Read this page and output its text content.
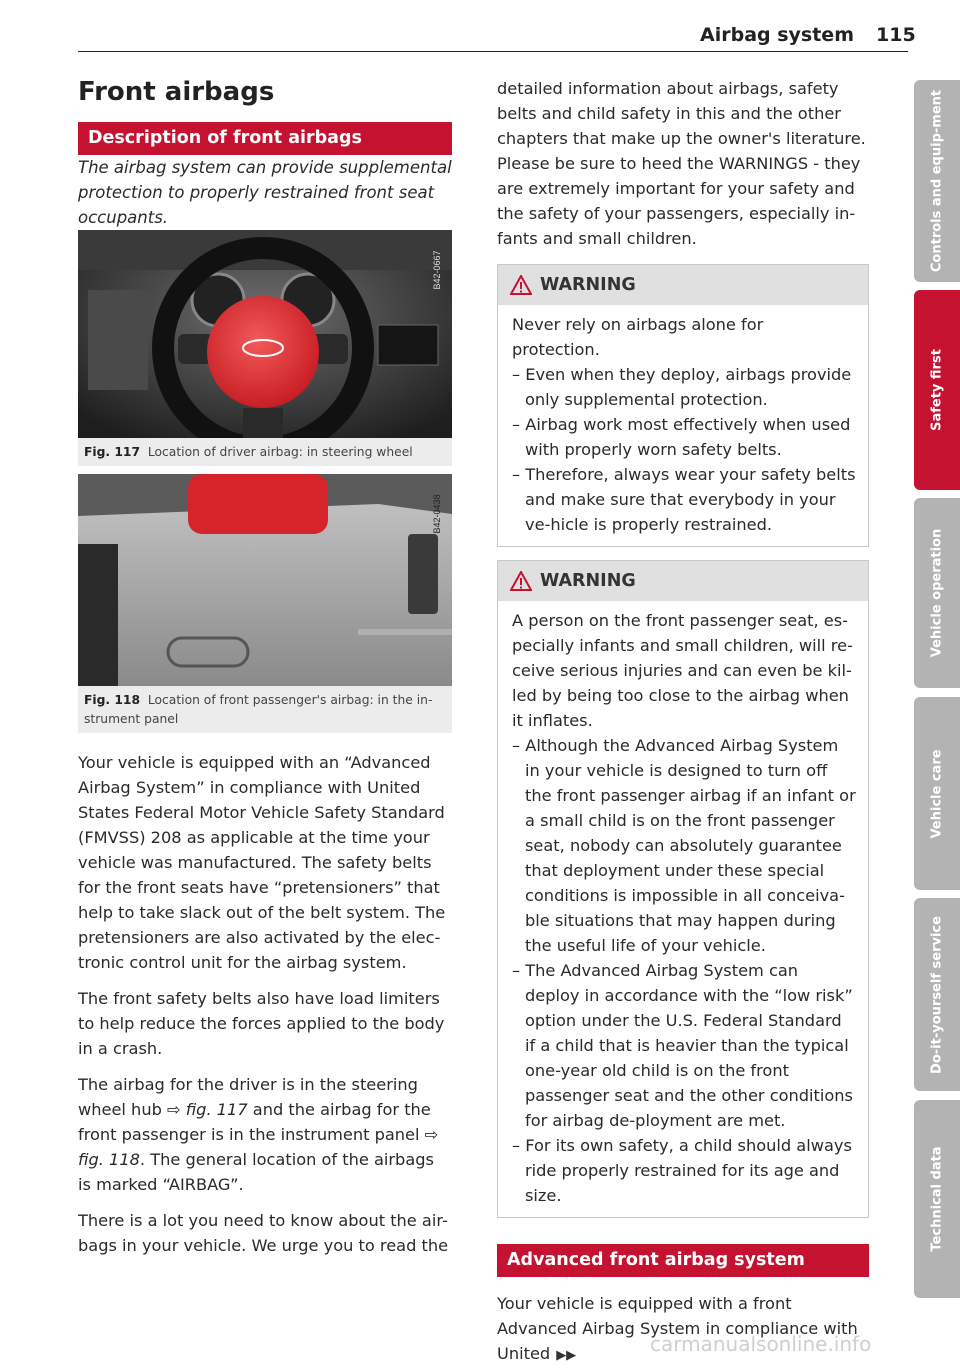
Airbag system 115
Front airbags
Description of front airbags

The airbag system can provide supplemental protection to properly restrained front seat occupants.

B42-0667
Fig. 117 Location of driver airbag: in steering wheel
B42-0438
Fig. 118 Location of front passenger's airbag: in the in-strument panel

Your vehicle is equipped with an “Advanced Airbag System” in compliance with United States Federal Motor Vehicle Safety Standard (FMVSS) 208 as applicable at the time your vehicle was manufactured. The safety belts for the front seats have “pretensioners” that help to take slack out of the belt system. The pretensioners are also activated by the elec-tronic control unit for the airbag system.

The front safety belts also have load limiters to help reduce the forces applied to the body in a crash.

The airbag for the driver is in the steering wheel hub ⇨ fig. 117 and the airbag for the front passenger is in the instrument panel ⇨ fig. 118. The general location of the airbags is marked “AIRBAG”.

There is a lot you need to know about the air-bags in your vehicle. We urge you to read the

detailed information about airbags, safety belts and child safety in this and the other chapters that make up the owner's literature. Please be sure to heed the WARNINGS - they are extremely important for your safety and the safety of your passengers, especially in-fants and small children.

WARNING

Never rely on airbags alone for protection.

– Even when they deploy, airbags provide only supplemental protection.
– Airbag work most effectively when used with properly worn safety belts.
– Therefore, always wear your safety belts and make sure that everybody in your ve-hicle is properly restrained.
WARNING

A person on the front passenger seat, es-pecially infants and small children, will re-ceive serious injuries and can even be kil-led by being too close to the airbag when it inflates.

– Although the Advanced Airbag System in your vehicle is designed to turn off the front passenger airbag if an infant or a small child is on the front passenger seat, nobody can absolutely guarantee that deployment under these special conditions is impossible in all conceiva-ble situations that may happen during the useful life of your vehicle.
– The Advanced Airbag System can deploy in accordance with the “low risk” option under the U.S. Federal Standard if a child that is heavier than the typical one-year old child is on the front passenger seat and the other conditions for airbag de-ployment are met.
– For its own safety, a child should always ride properly restrained for its age and size.
Advanced front airbag system

Your vehicle is equipped with a front Advanced Airbag System in compliance with United ▶▶

Controls and equip-ment
Safety first
Vehicle operation
Vehicle care
Do-it-yourself service
Technical data
carmanualsonline.info
